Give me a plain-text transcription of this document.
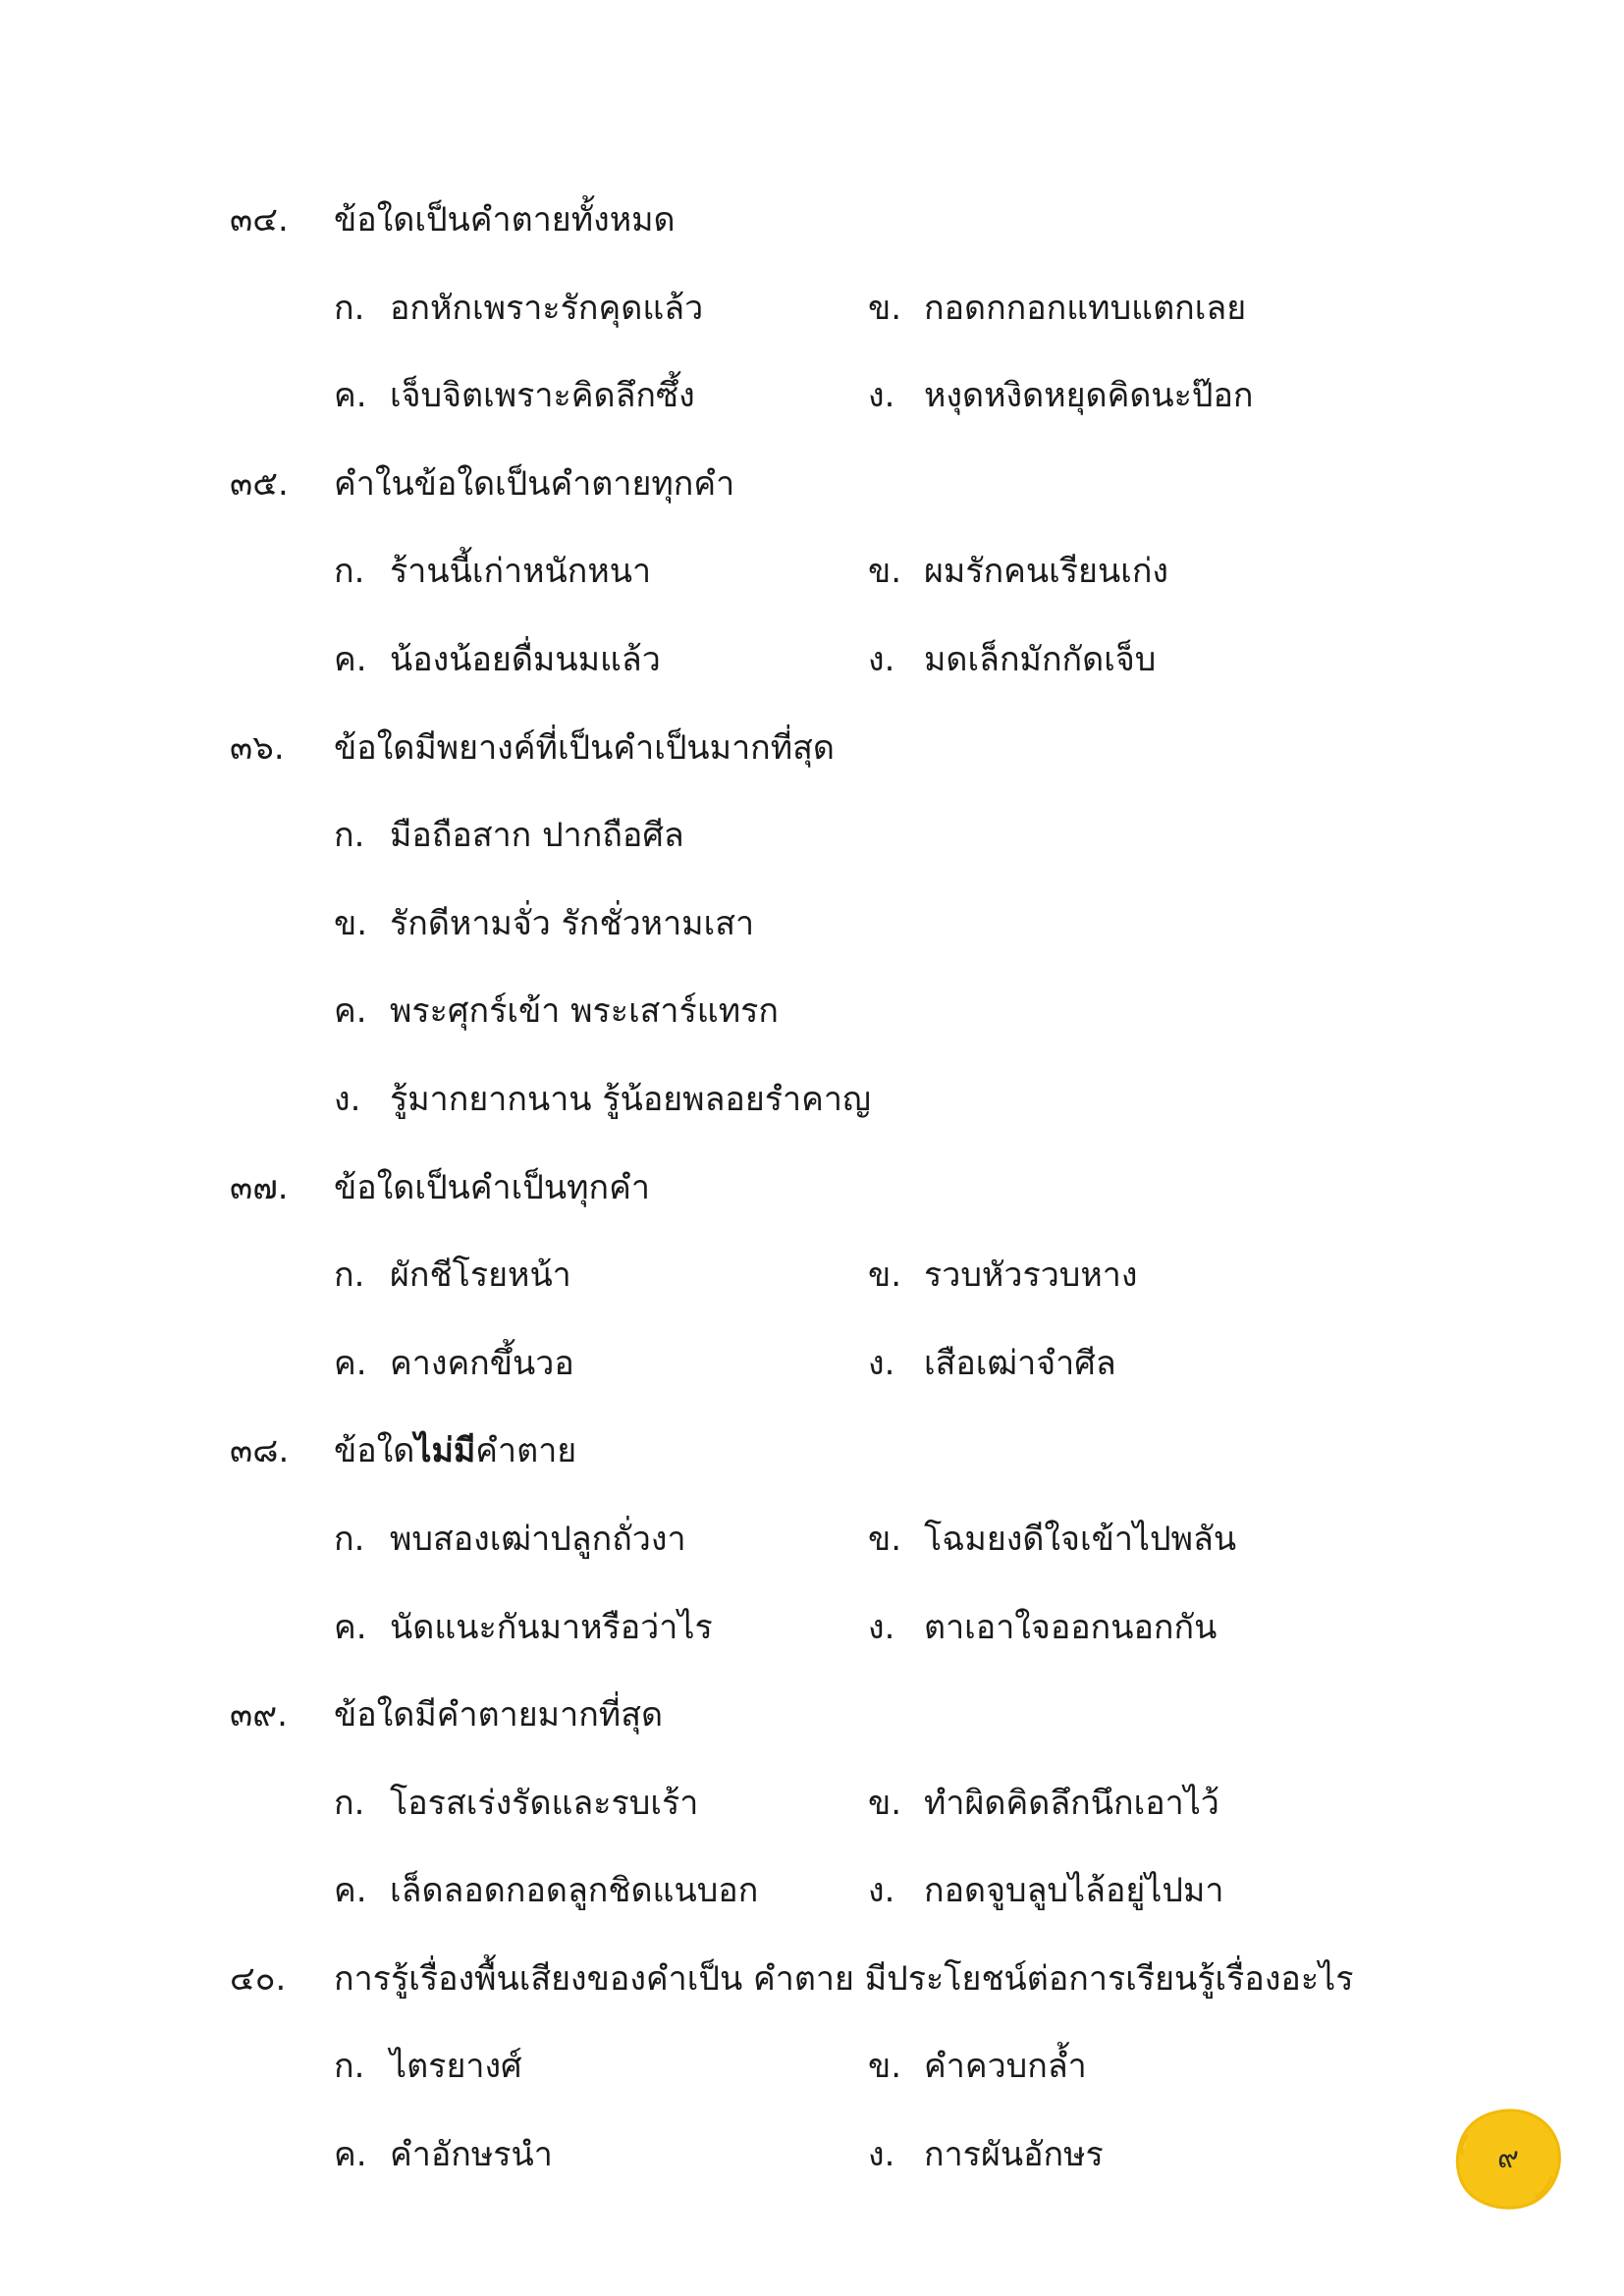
๓๔.	ข้อใดเป็นคำตายทั้งหมด
ก. อกหักเพราะรักคุดแล้ว	ข. กอดกกอกแทบแตกเลย
ค. เจ็บจิตเพราะคิดลึกซึ้ง	ง. หงุดหงิดหยุดคิดนะป๊อก
๓๕.	คำในข้อใดเป็นคำตายทุกคำ
ก. ร้านนี้เก่าหนักหนา	ข. ผมรักคนเรียนเก่ง
ค. น้องน้อยดื่มนมแล้ว	ง. มดเล็กมักกัดเจ็บ
๓๖.	ข้อใดมีพยางค์ที่เป็นคำเป็นมากที่สุด
ก. มือถือสาก ปากถือศีล
ข. รักดีหามจั่ว รักชั่วหามเสา
ค. พระศุกร์เข้า พระเสาร์แทรก
ง. รู้มากยากนาน รู้น้อยพลอยรำคาญ
๓๗.	ข้อใดเป็นคำเป็นทุกคำ
ก. ผักชีโรยหน้า	ข. รวบหัวรวบหาง
ค. คางคกขึ้นวอ	ง. เสือเฒ่าจำศีล
๓๘.	ข้อใดไม่มีคำตาย
ก. พบสองเฒ่าปลูกถั่วงา	ข. โฉมยงดีใจเข้าไปพลัน
ค. นัดแนะกันมาหรือว่าไร	ง. ตาเอาใจออกนอกกัน
๓๙.	ข้อใดมีคำตายมากที่สุด
ก. โอรสเร่งรัดและรบเร้า	ข. ทำผิดคิดลึกนึกเอาไว้
ค. เล็ดลอดกอดลูกชิดแนบอก	ง. กอดจูบลูบไล้อยู่ไปมา
๔๐.	การรู้เรื่องพื้นเสียงของคำเป็น คำตาย มีประโยชน์ต่อการเรียนรู้เรื่องอะไร
ก. ไตรยางศ์	ข. คำควบกล้ำ
ค. คำอักษรนำ	ง. การผันอักษร	๙
